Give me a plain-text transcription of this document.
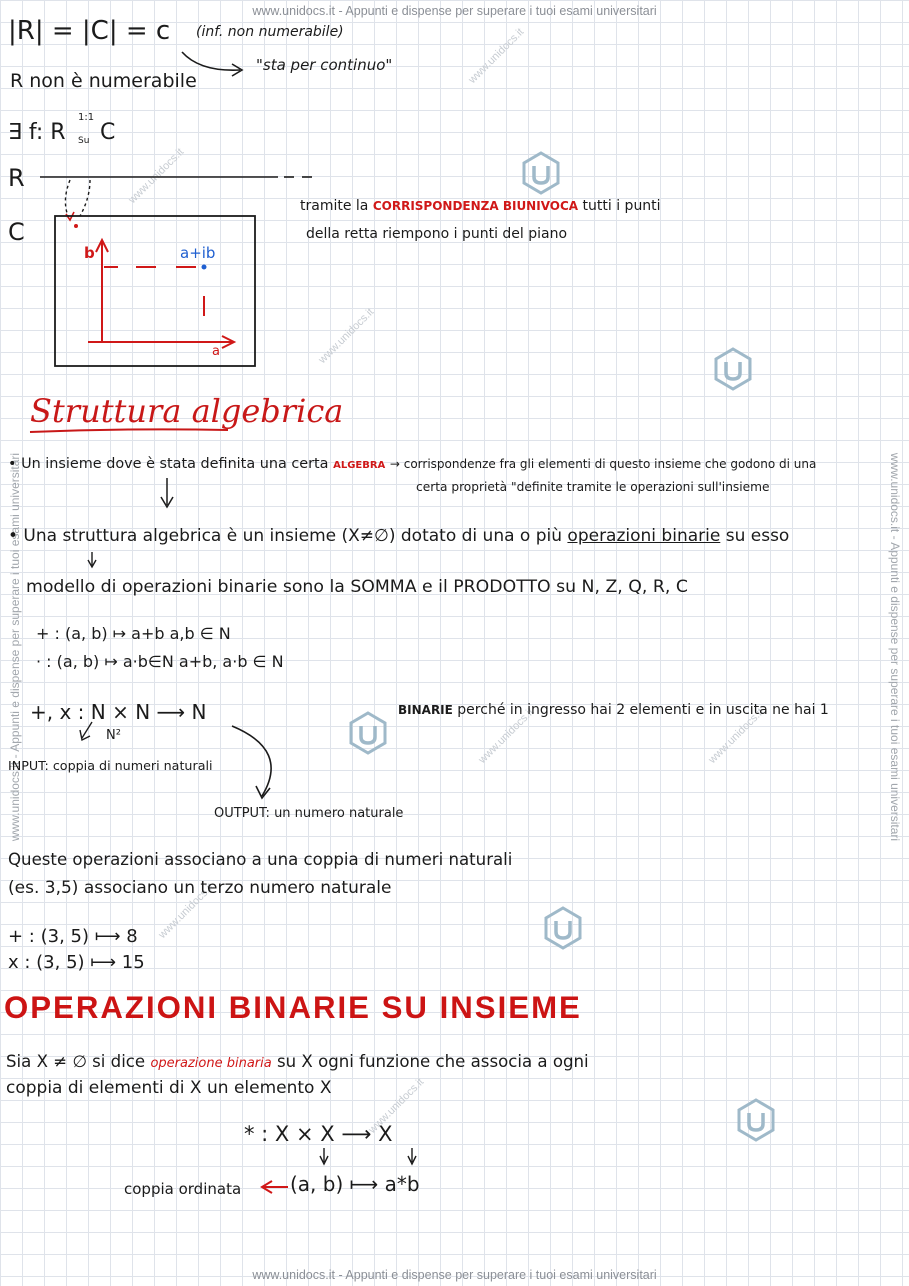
www.unidocs.it - Appunti e dispense per superare i tuoi esami universitari
www.unidocs.it - Appunti e dispense per superare i tuoi esami universitari
www.unidocs.it - Appunti e dispense per superare i tuoi esami universitari	www.unidocs.it - Appunti e dispense per superare i tuoi esami universitari
www.unidocs.it
www.unidocs.it
www.unidocs.it
www.unidocs.it
www.unidocs.it
www.unidocs.it
www.unidocs.it
|R| = |C| = c (inf. non numerabile)
"sta per continuo"
R non è numerabile
∃ f: R
1:1
Su C
R
C
b	a+ib
a
tramite la CORRISPONDENZA BIUNIVOCA tutti i punti
della retta riempono i punti del piano
Struttura algebrica
• Un insieme dove è stata definita una certa ALGEBRA → corrispondenze fra gli elementi di questo insieme che godono di una
certa proprietà "definite tramite le operazioni sull'insieme
• Una struttura algebrica è un insieme (X≠∅) dotato di una o più operazioni binarie su esso
modello di operazioni binarie sono la SOMMA e il PRODOTTO su N, Z, Q, R, C
+ : (a, b) ↦ a+b a,b ∈ N
· : (a, b) ↦ a·b∈N a+b, a·b ∈ N
+, x : N × N ⟶ N
N²
BINARIE perché in ingresso hai 2 elementi e in uscita ne hai 1
INPUT: coppia di numeri naturali
OUTPUT: un numero naturale
Queste operazioni associano a una coppia di numeri naturali
(es. 3,5) associano un terzo numero naturale
+ : (3, 5) ⟼ 8
x : (3, 5) ⟼ 15
OPERAZIONI BINARIE SU INSIEME
Sia X ≠ ∅ si dice operazione binaria su X ogni funzione che associa a ogni
coppia di elementi di X un elemento X
* : X × X ⟶ X
coppia ordinata (a, b) ⟼ a*b
